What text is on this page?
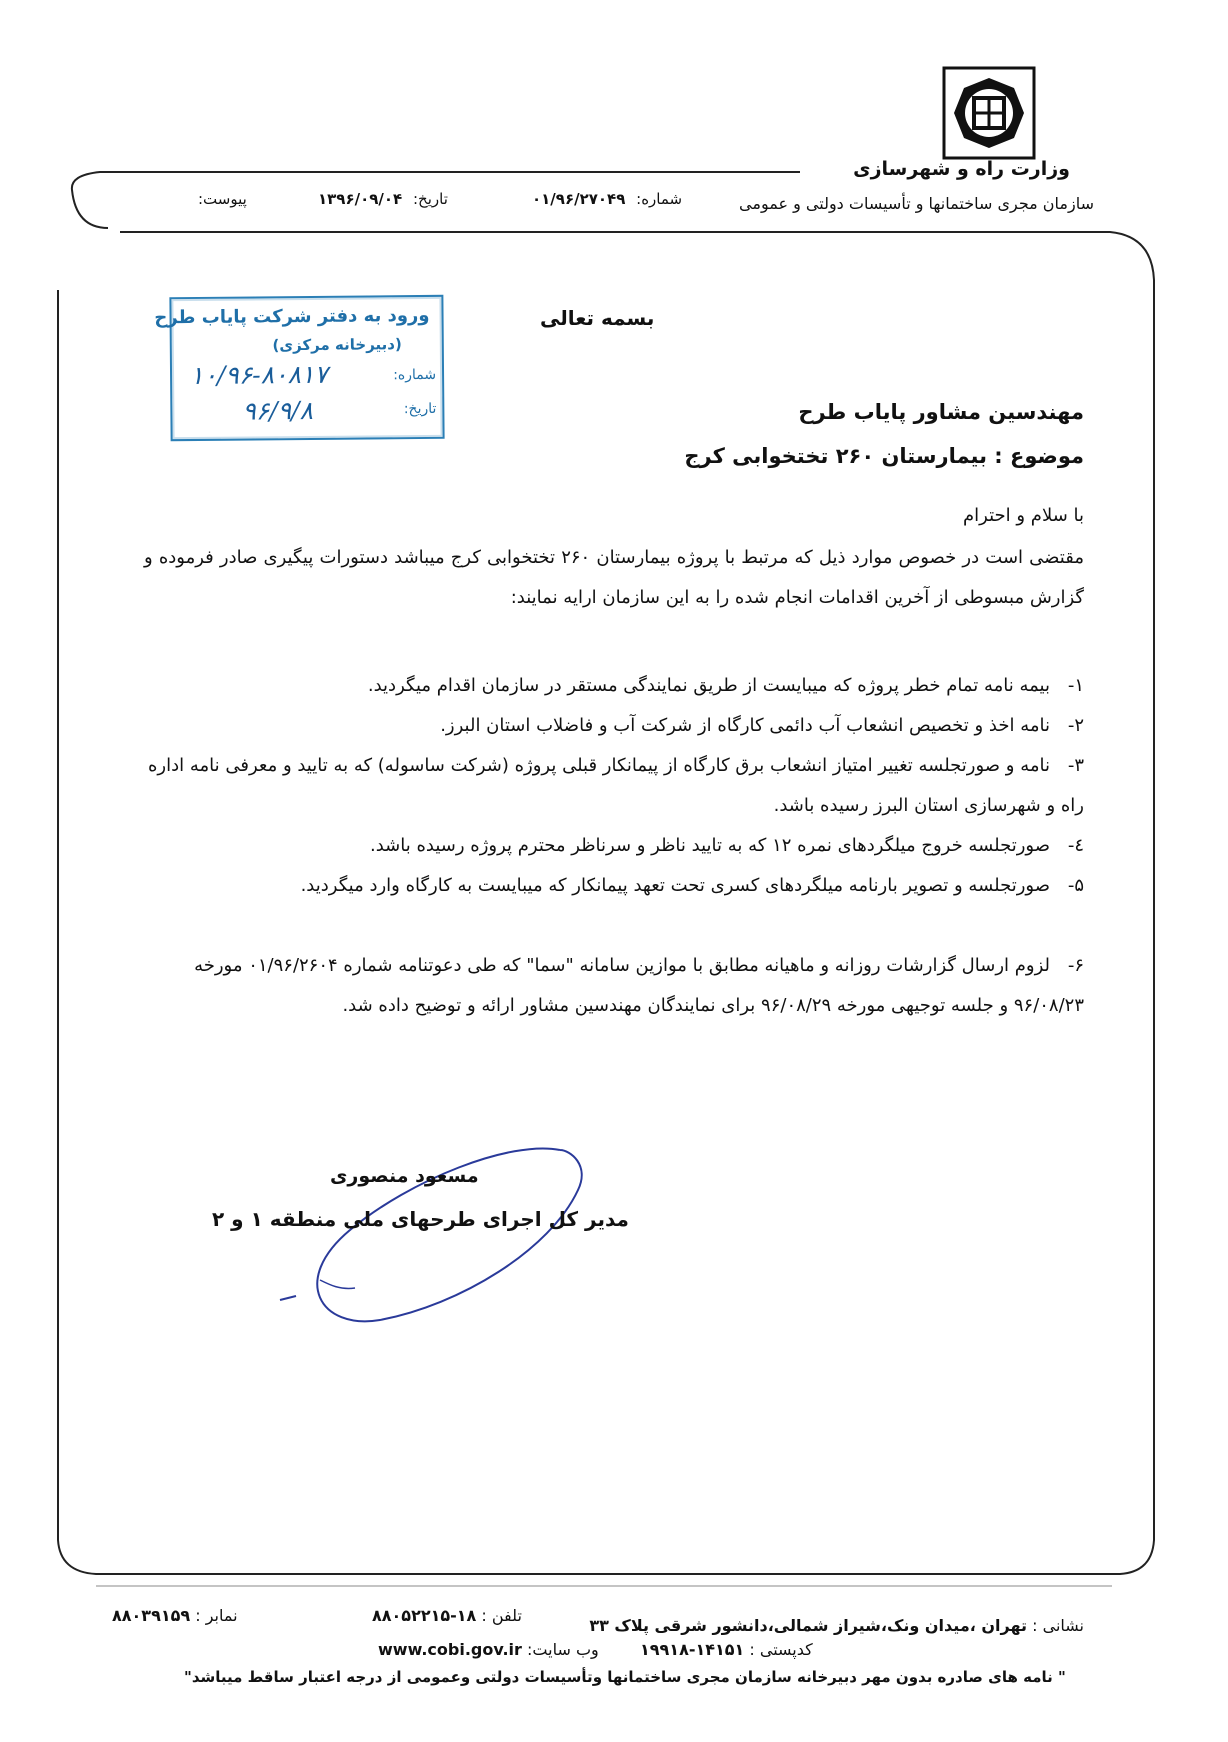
وزارت راه و شهرسازی
سازمان مجری ساختمانها و تأسیسات دولتی و عمومی
شماره: ۰۱/۹۶/۲۷۰۴۹
تاریخ: ۱۳۹۶/۰۹/۰۴
پیوست:
ورود به دفتر شرکت پایاب طرح
(دبیرخانه مرکزی)
شماره:
۱۰/۹۶-۸۰۸۱۷
تاریخ:
۹۶/۹/۸
بسمه تعالی
مهندسین مشاور پایاب طرح
موضوع : بیمارستان ۲۶۰ تختخوابی کرج
با سلام و احترام
مقتضی است در خصوص موارد ذیل که مرتبط با پروژه بیمارستان ۲۶۰ تختخوابی کرج میباشد دستورات پیگیری صادر فرموده و گزارش مبسوطی از آخرین اقدامات انجام شده را به این سازمان ارایه نمایند:
۱-بیمه نامه تمام خطر پروژه که میبایست از طریق نمایندگی مستقر در سازمان اقدام میگردید.
۲-نامه اخذ و تخصیص انشعاب آب دائمی کارگاه از شرکت آب و فاضلاب استان البرز.
۳-نامه و صورتجلسه تغییر امتیاز انشعاب برق کارگاه از پیمانکار قبلی پروژه (شرکت ساسوله) که به تایید و معرفی نامه اداره راه و شهرسازی استان البرز رسیده باشد.
٤-صورتجلسه خروج میلگردهای نمره ۱۲ که به تایید ناظر و سرناظر محترم پروژه رسیده باشد.
۵-صورتجلسه و تصویر بارنامه میلگردهای کسری تحت تعهد پیمانکار که میبایست به کارگاه وارد میگردید.
۶-لزوم ارسال گزارشات روزانه و ماهیانه مطابق با موازین سامانه "سما" که طی دعوتنامه شماره ۰۱/۹۶/۲۶۰۴ مورخه ۹۶/۰۸/۲۳ و جلسه توجیهی مورخه ۹۶/۰۸/۲۹ برای نمایندگان مهندسین مشاور ارائه و توضیح داده شد.
مسعود منصوری
مدیر کل اجرای طرحهای ملی منطقه ۱ و ۲
نشانی : تهران ،میدان ونک،شیراز شمالی،دانشور شرقی پلاک ۳۳
تلفن : ۱۸-۸۸۰۵۲۲۱۵
نمابر : ۸۸۰۳۹۱۵۹
کدپستی : ۱۴۱۵۱-۱۹۹۱۸
وب سایت: www.cobi.gov.ir
" نامه های صادره بدون مهر دبیرخانه سازمان مجری ساختمانها وتأسیسات دولتی وعمومی از درجه اعتبار ساقط میباشد"
